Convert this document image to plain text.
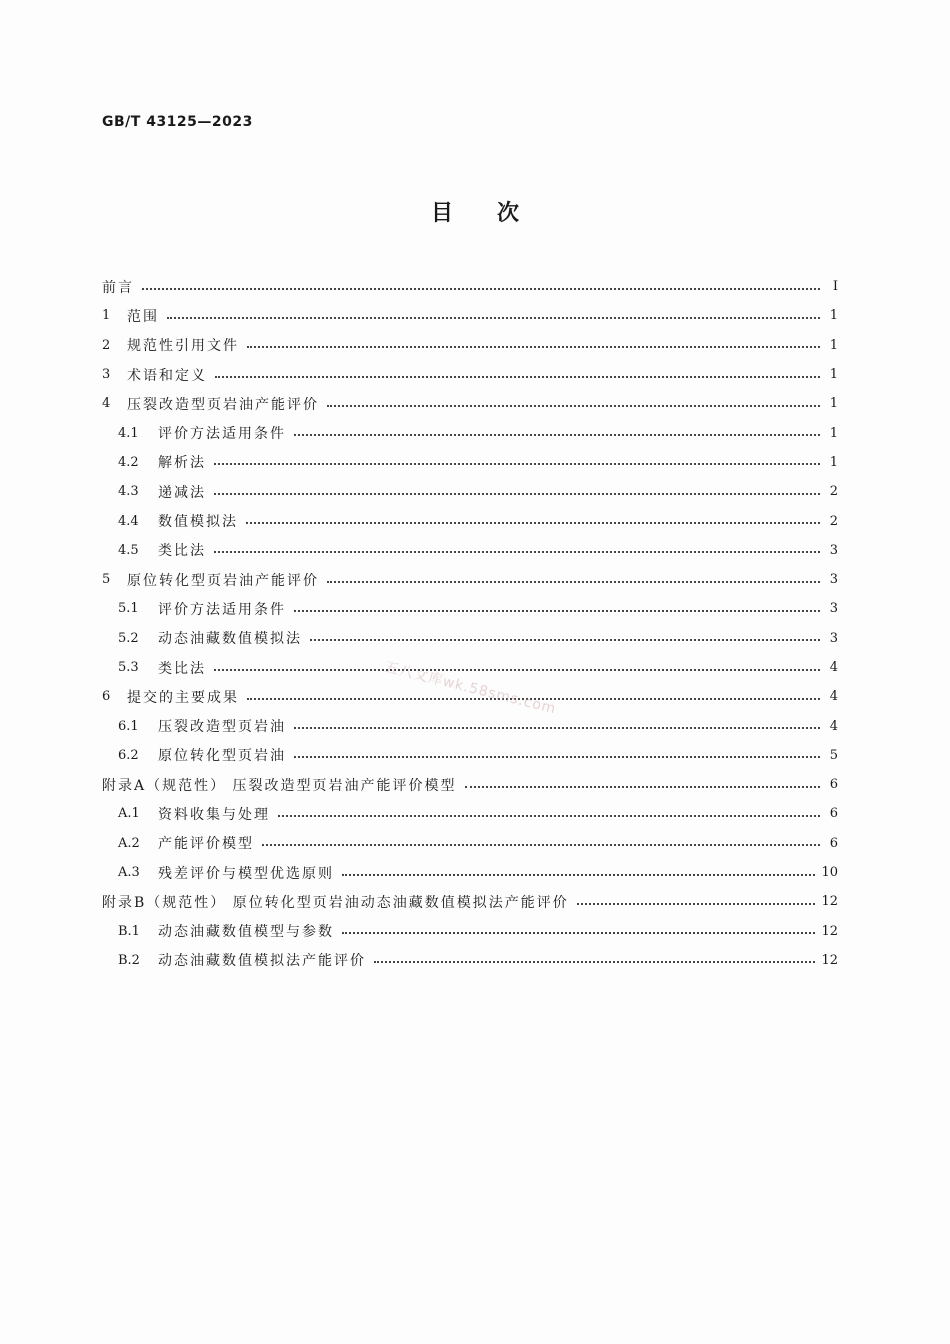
GB/T 43125—2023
目次
前言	Ⅰ
1	范围	1
2	规范性引用文件	1
3	术语和定义	1
4	压裂改造型页岩油产能评价	1
4.1	评价方法适用条件	1
4.2	解析法	1
4.3	递减法	2
4.4	数值模拟法	2
4.5	类比法	3
5	原位转化型页岩油产能评价	3
5.1	评价方法适用条件	3
5.2	动态油藏数值模拟法	3
5.3	类比法	4
6	提交的主要成果	4
6.1	压裂改造型页岩油	4
6.2	原位转化型页岩油	5
附录A（规范性） 压裂改造型页岩油产能评价模型	6
A.1	资料收集与处理	6
A.2	产能评价模型	6
A.3	残差评价与模型优选原则	10
附录B（规范性） 原位转化型页岩油动态油藏数值模拟法产能评价	12
B.1	动态油藏数值模型与参数	12
B.2	动态油藏数值模拟法产能评价	12
五八文库wk.58sms.com
